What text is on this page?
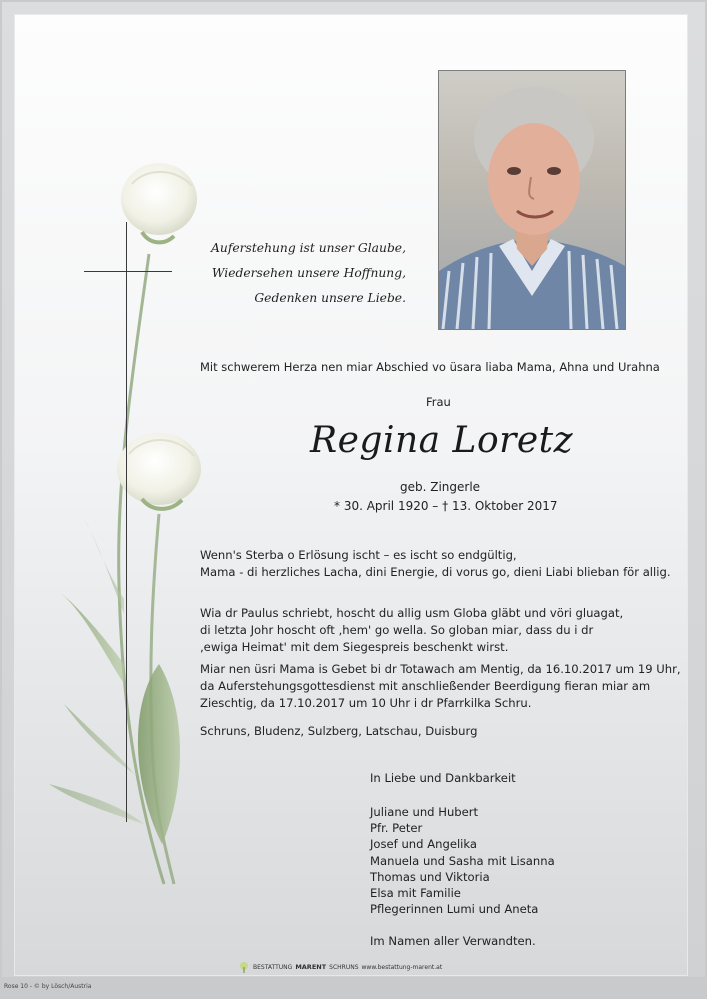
Auferstehung ist unser Glaube,
Wiedersehen unsere Hoffnung,
Gedenken unsere Liebe.
Mit schwerem Herza nen miar Abschied vo üsara liaba Mama, Ahna und Urahna
Frau
Regina Loretz
geb. Zingerle
* 30. April 1920 – † 13. Oktober 2017
Wenn's Sterba o Erlösung ischt – es ischt so endgültig,
Mama - di herzliches Lacha, dini Energie, di vorus go, dieni Liabi blieban för allig.
Wia dr Paulus schriebt, hoscht du allig usm Globa gläbt und vöri gluagat,
di letzta Johr hoscht oft ‚hem' go wella. So globan miar, dass du i dr
‚ewiga Heimat' mit dem Siegespreis beschenkt wirst.
Miar nen üsri Mama is Gebet bi dr Totawach am Mentig, da 16.10.2017 um 19 Uhr,
da Auferstehungsgottesdienst mit anschließender Beerdigung fieran miar am
Zieschtig, da 17.10.2017 um 10 Uhr i dr Pfarrkilka Schru.
Schruns, Bludenz, Sulzberg, Latschau, Duisburg
In Liebe und Dankbarkeit
Juliane und Hubert
Pfr. Peter
Josef und Angelika
Manuela und Sasha mit Lisanna
Thomas und Viktoria
Elsa mit Familie
Pflegerinnen Lumi und Aneta
Im Namen aller Verwandten.
BESTATTUNG MARENT SCHRUNS www.bestattung-marent.at
Rose 10 - © by Lösch/Austria
